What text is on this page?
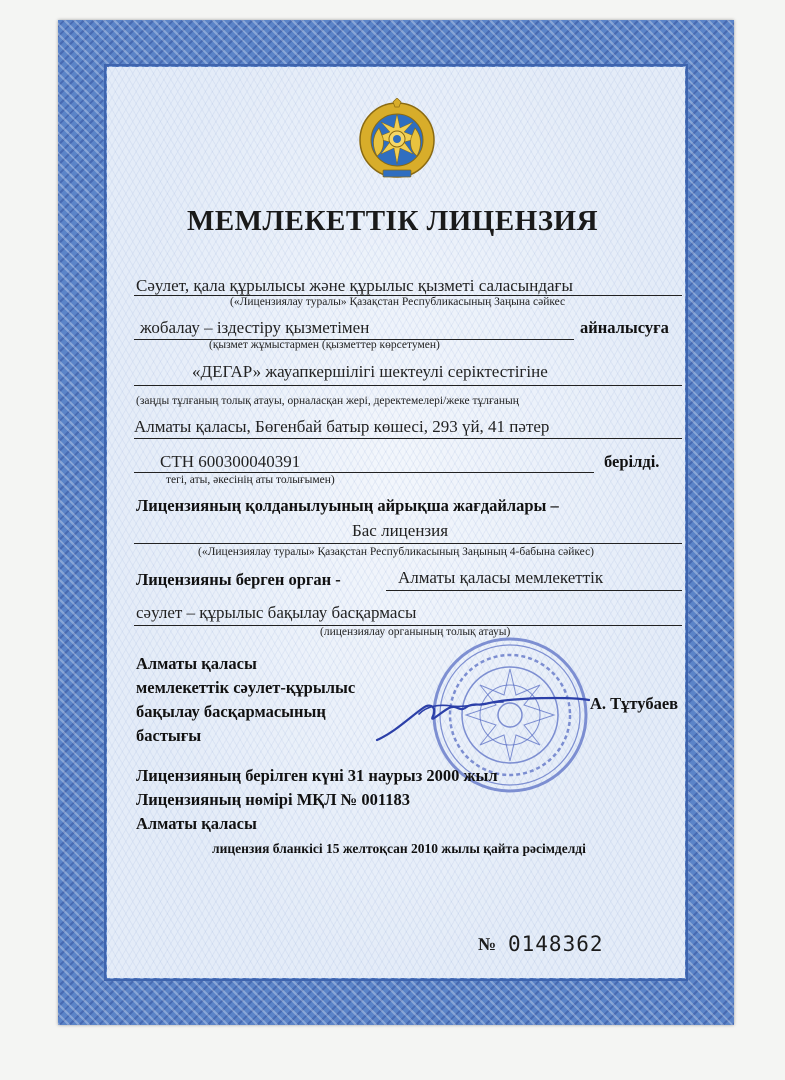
МЕМЛЕКЕТТІК ЛИЦЕНЗИЯ
Сәулет, қала құрылысы және құрылыс қызметі саласындағы
(«Лицензиялау туралы» Қазақстан Республикасының Заңына сәйкес
жобалау – іздестіру қызметімен	айналысуға
(қызмет жұмыстармен (қызметтер көрсетумен)
«ДЕГАР» жауапкершілігі шектеулі серіктестігіне
(заңды тұлғаның толық атауы, орналасқан жері, деректемелері/жеке тұлғаның
Алматы қаласы, Бөгенбай батыр көшесі, 293 үй, 41 пәтер
СТН 600300040391	берілді.
тегі, аты, әкесінің аты толығымен)
Лицензияның қолданылуының айрықша жағдайлары –
Бас лицензия
(«Лицензиялау туралы» Қазақстан Республикасының Заңының 4-бабына сәйкес)
Лицензияны берген орган -	Алматы қаласы мемлекеттік
сәулет – құрылыс бақылау басқармасы
(лицензиялау органының толық атауы)
Алматы қаласы
мемлекеттік сәулет-құрылыс
бақылау басқармасының
бастығы
А. Тұтубаев
Лицензияның берілген күні 31 наурыз 2000 жыл
Лицензияның нөмірі МҚЛ № 001183
Алматы қаласы
лицензия бланкісі 15 желтоқсан 2010 жылы қайта рәсімделді
№ 0148362
